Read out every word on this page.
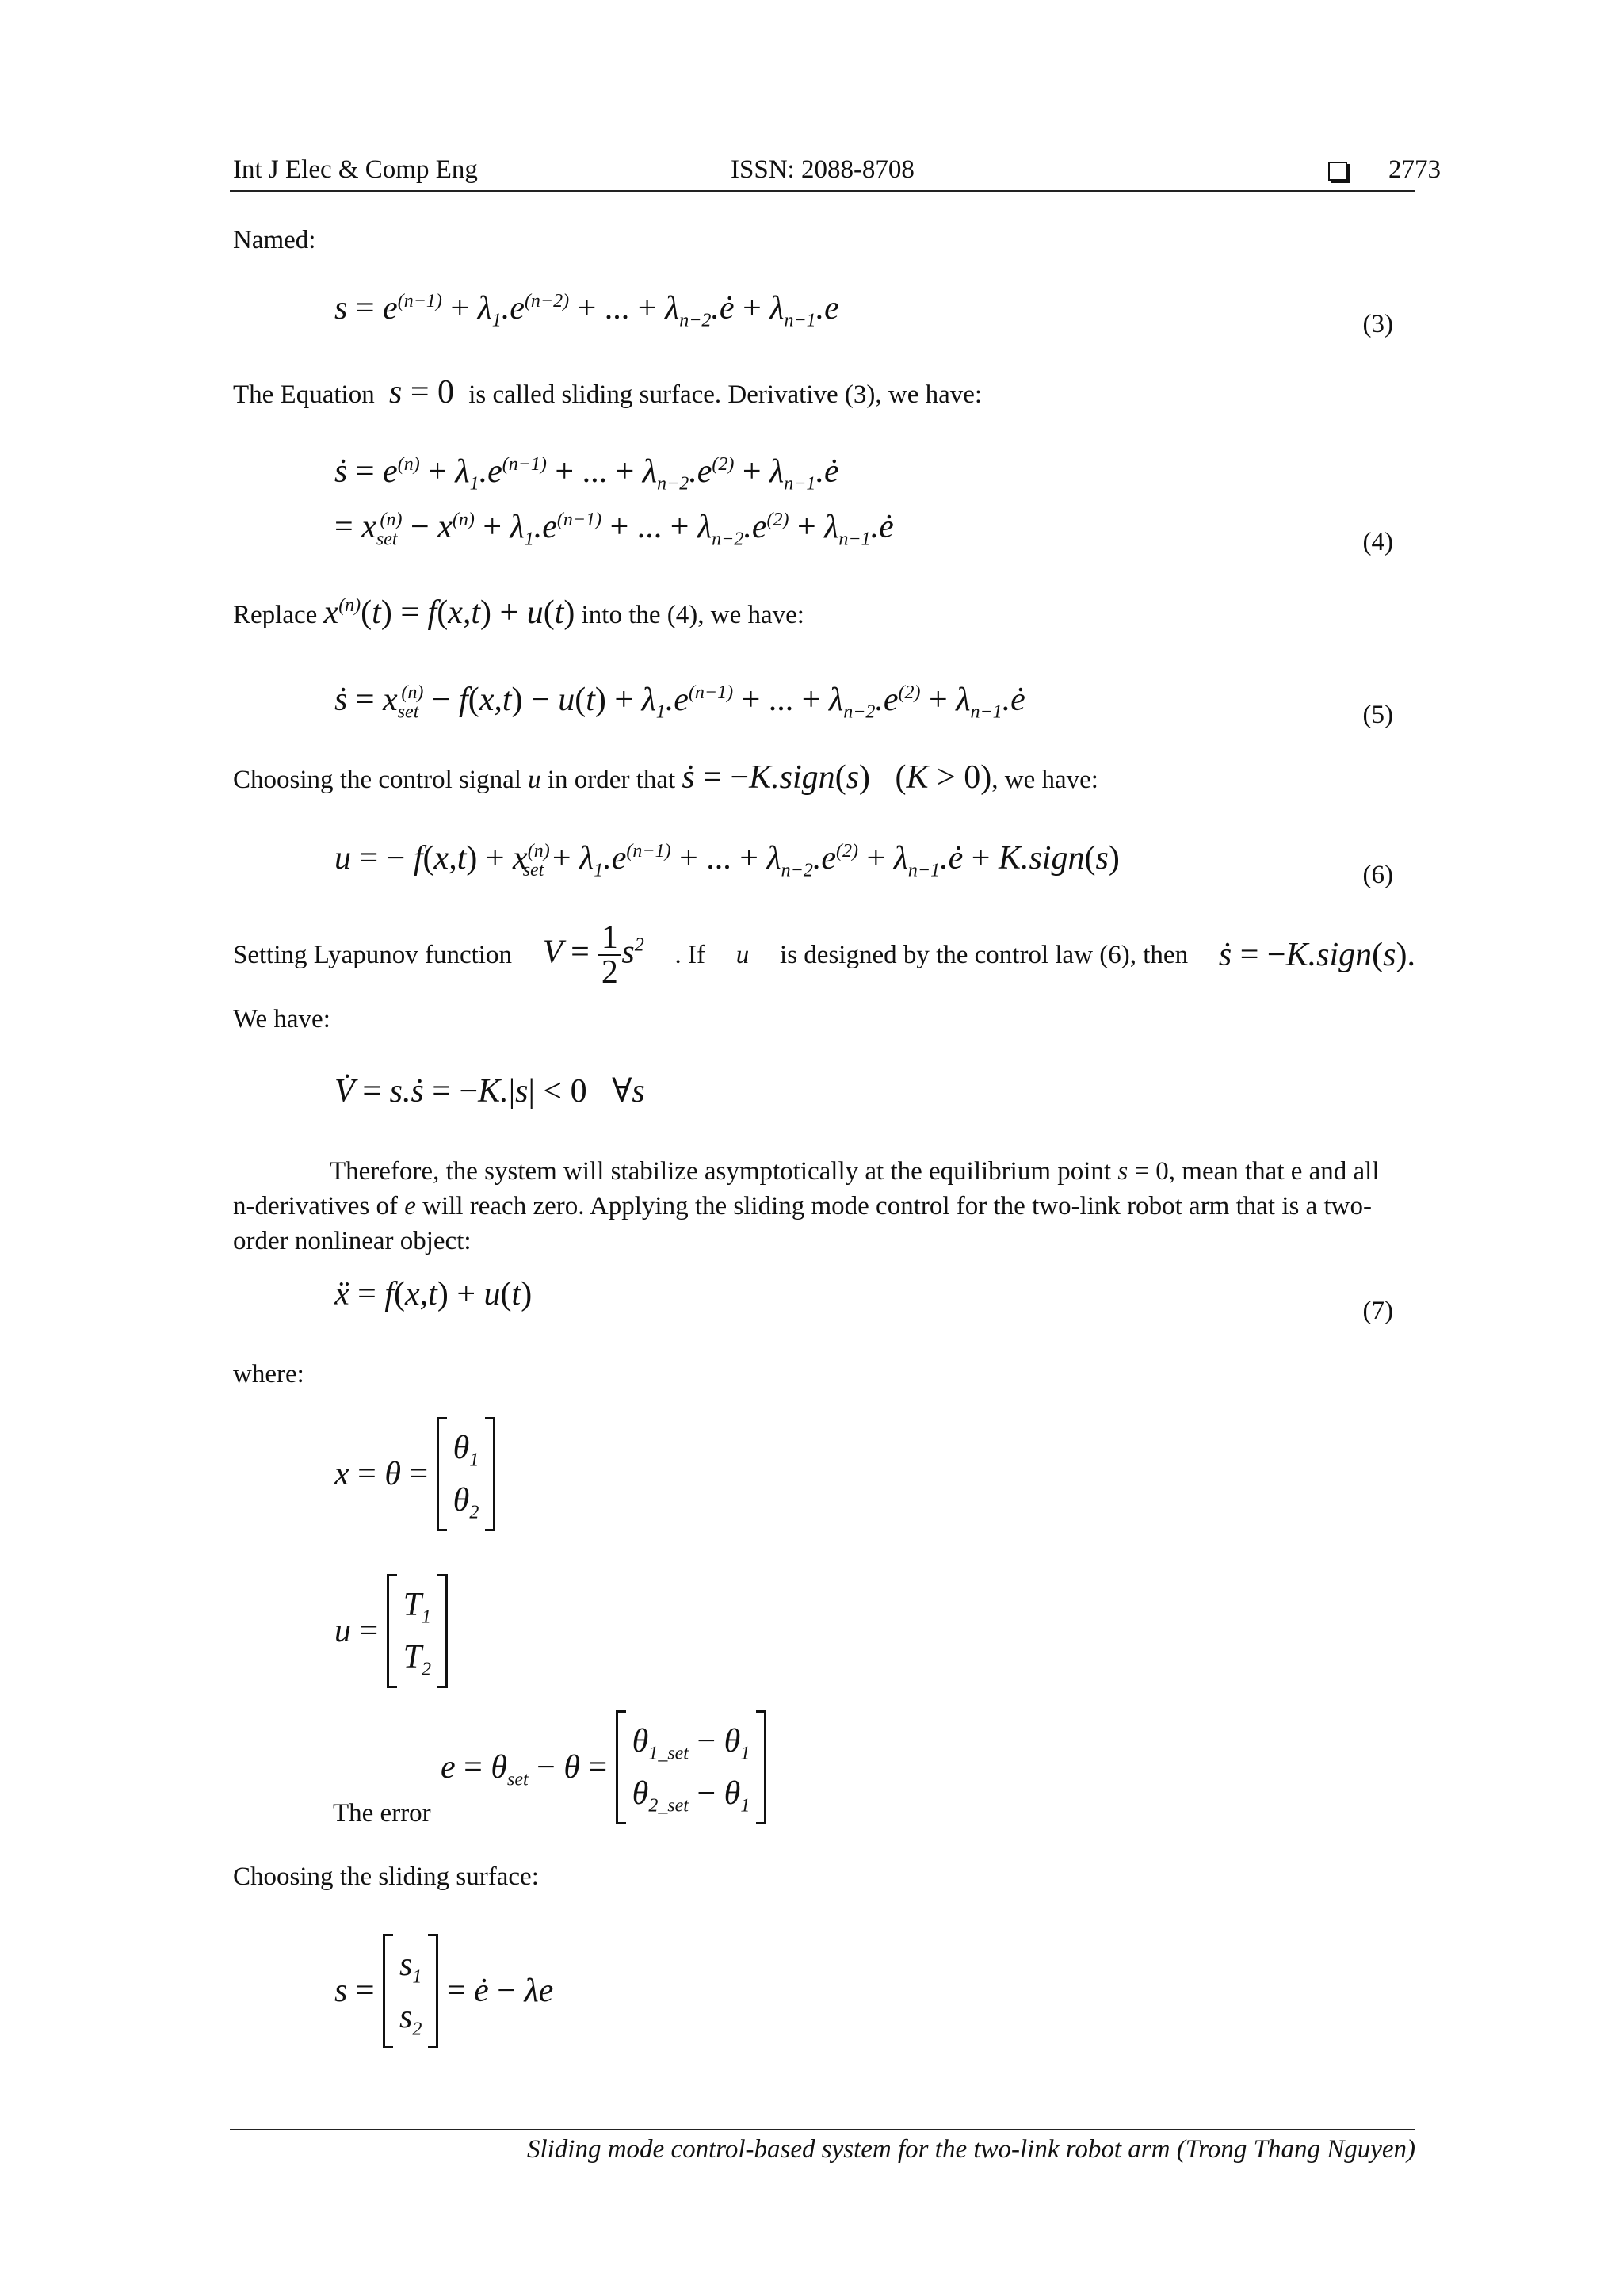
Int J Elec & Comp Eng	ISSN: 2088-8708	2773
Named:
$s = e^{(n-1)} + \lambda_1.e^{(n-2)}$ + ... + $\lambda_{n-2}.ė + \lambda_{n-1}.e$	(3)
The Equation s = 0 is called sliding surface. Derivative (3), we have:
ṡ = $e^{(n)} + \lambda_1.e^{(n-1)}$ + ... + $\lambda_{n-2}.e^{(2)}$ + $\lambda_{n-1}.ė$
= $x_{set}^{(n)} - x^{(n)} + \lambda_1.e^{(n-1)}$ + ... + $\lambda_{n-2}.e^{(2)}$ + $\lambda_{n-1}.ė$	(4)
Replace $x^{(n)}(t) = f(x,t) + u(t)$ into the (4), we have:
ṡ = $x_{set}^{(n)} - f(x,t) - u(t) + \lambda_1.e^{(n-1)}$ + ... + $\lambda_{n-2}.e^{(2)}$ + $\lambda_{n-1}.ė$	(5)
Choosing the control signal u in order that ṡ = −K.sign(s)   (K > 0), we have:
u = − $f(x,t) + x^{(n)}_{set} + \lambda_1.e^{(n-1)}$ + ... + $\lambda_{n-2}.e^{(2)}$ + $\lambda_{n-1}.ė$ + K.sign(s)	(6)
Setting Lyapunov function $V = \frac{1}{2} s^2$ . If u is designed by the control law (6), then ṡ = −K.sign(s).
We have:
V̇ = s.ṡ = −K.|s| < 0   ∀s
Therefore, the system will stabilize asymptotically at the equilibrium point s = 0, mean that e and all
n-derivatives of e will reach zero. Applying the sliding mode control for the two-link robot arm that is a two-
order nonlinear object:
ẍ = f(x,t) + u(t)	(7)
where:
x = θ =
$\theta_1$
$\theta_2$
u =
$T_1$
$T_2$
$e = \theta_{set} - \theta$ =
$\theta_{1\_set} - \theta_1$
$\theta_{2\_set} - \theta_1$
The error
Choosing the sliding surface:
s =
$s_1$
$s_2$
= ė − λe
Sliding mode control-based system for the two-link robot arm (Trong Thang Nguyen)
